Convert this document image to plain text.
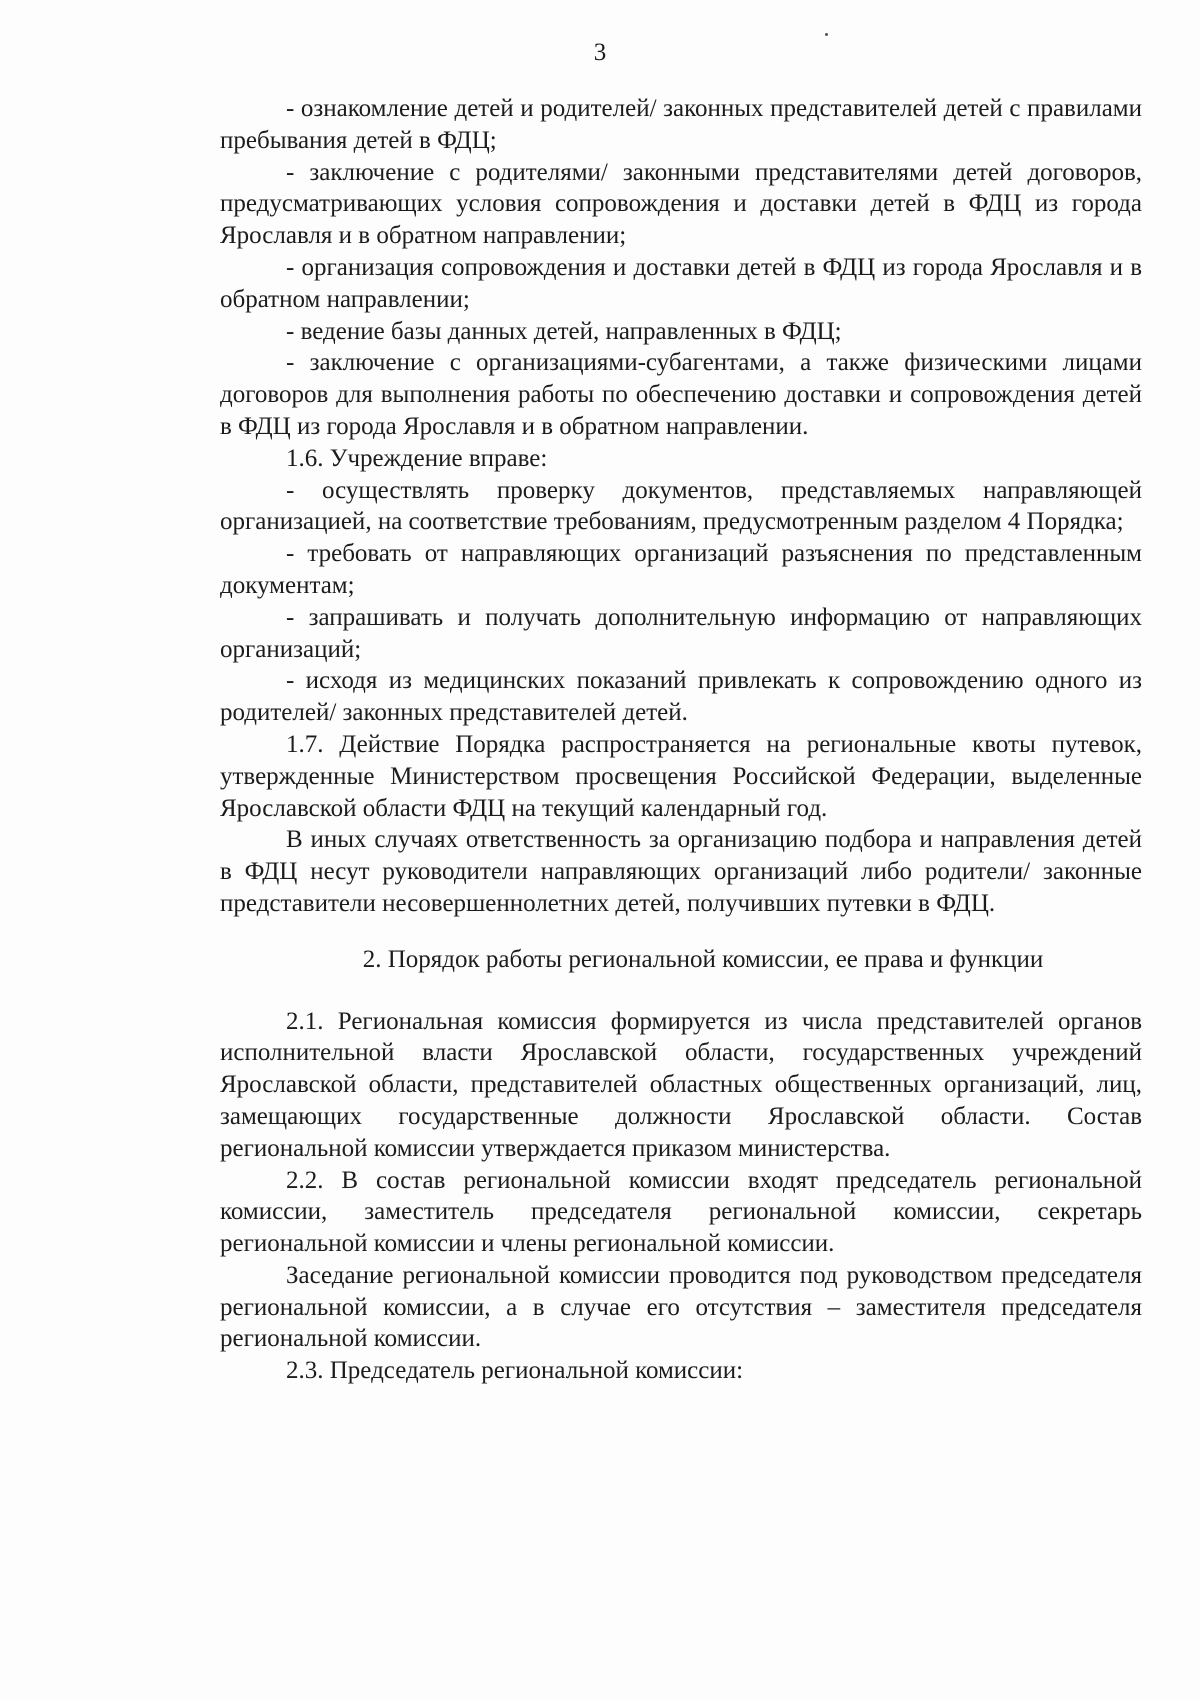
3

- ознакомление детей и родителей/ законных представителей детей с правилами пребывания детей в ФДЦ;

- заключение с родителями/ законными представителями детей договоров, предусматривающих условия сопровождения и доставки детей в ФДЦ из города Ярославля и в обратном направлении;

- организация сопровождения и доставки детей в ФДЦ из города Ярославля и в обратном направлении;

- ведение базы данных детей, направленных в ФДЦ;

- заключение с организациями-субагентами, а также физическими лицами договоров для выполнения работы по обеспечению доставки и сопровождения детей в ФДЦ из города Ярославля и в обратном направлении.

1.6. Учреждение вправе:

- осуществлять проверку документов, представляемых направляющей организацией, на соответствие требованиям, предусмотренным разделом 4 Порядка;

- требовать от направляющих организаций разъяснения по представленным документам;

- запрашивать и получать дополнительную информацию от направляющих организаций;

- исходя из медицинских показаний привлекать к сопровождению одного из родителей/ законных представителей детей.

1.7. Действие Порядка распространяется на региональные квоты путевок, утвержденные Министерством просвещения Российской Федерации, выделенные Ярославской области ФДЦ на текущий календарный год.

В иных случаях ответственность за организацию подбора и направления детей в ФДЦ несут руководители направляющих организаций либо родители/ законные представители несовершеннолетних детей, получивших путевки в ФДЦ.

2. Порядок работы региональной комиссии, ее права и функции

2.1. Региональная комиссия формируется из числа представителей органов исполнительной власти Ярославской области, государственных учреждений Ярославской области, представителей областных общественных организаций, лиц, замещающих государственные должности Ярославской области. Состав региональной комиссии утверждается приказом министерства.

2.2. В состав региональной комиссии входят председатель региональной комиссии, заместитель председателя региональной комиссии, секретарь региональной комиссии и члены региональной комиссии.

Заседание региональной комиссии проводится под руководством председателя региональной комиссии, а в случае его отсутствия – заместителя председателя региональной комиссии.

2.3. Председатель региональной комиссии:
